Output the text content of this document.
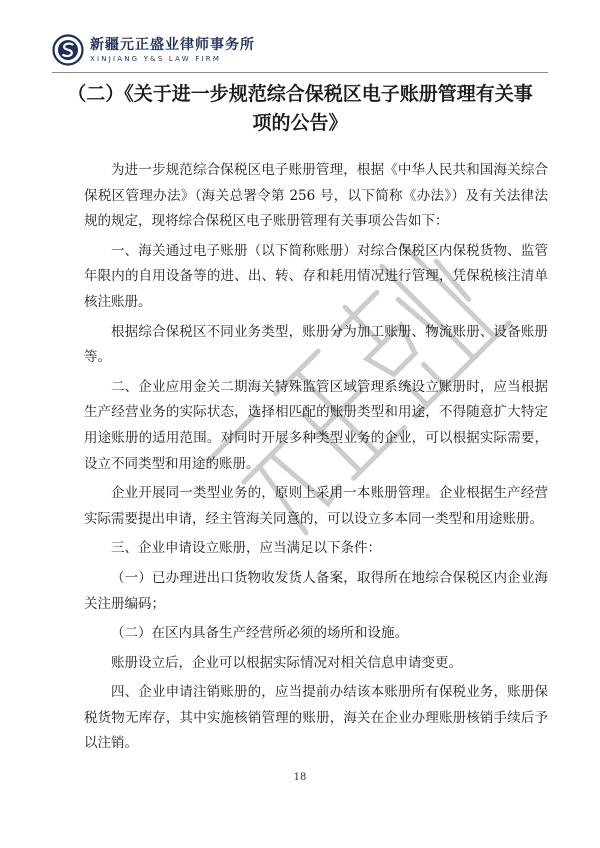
新疆元正盛业律师事务所
XINJIANG Y&S LAW FIRM
（二）《关于进一步规范综合保税区电子账册管理有关事项的公告》

为进一步规范综合保税区电子账册管理，根据《中华人民共和国海关综合保税区管理办法》（海关总署令第 256 号，以下简称《办法》）及有关法律法规的规定，现将综合保税区电子账册管理有关事项公告如下：

一、海关通过电子账册（以下简称账册）对综合保税区内保税货物、监管年限内的自用设备等的进、出、转、存和耗用情况进行管理，凭保税核注清单核注账册。

根据综合保税区不同业务类型，账册分为加工账册、物流账册、设备账册等。

二、企业应用金关二期海关特殊监管区域管理系统设立账册时，应当根据生产经营业务的实际状态，选择相匹配的账册类型和用途，不得随意扩大特定用途账册的适用范围。对同时开展多种类型业务的企业，可以根据实际需要，设立不同类型和用途的账册。

企业开展同一类型业务的，原则上采用一本账册管理。企业根据生产经营实际需要提出申请，经主管海关同意的，可以设立多本同一类型和用途账册。

三、企业申请设立账册，应当满足以下条件：

（一）已办理进出口货物收发货人备案，取得所在地综合保税区内企业海关注册编码；

（二）在区内具备生产经营所必须的场所和设施。

账册设立后，企业可以根据实际情况对相关信息申请变更。

四、企业申请注销账册的，应当提前办结该本账册所有保税业务，账册保税货物无库存，其中实施核销管理的账册，海关在企业办理账册核销手续后予以注销。

18
